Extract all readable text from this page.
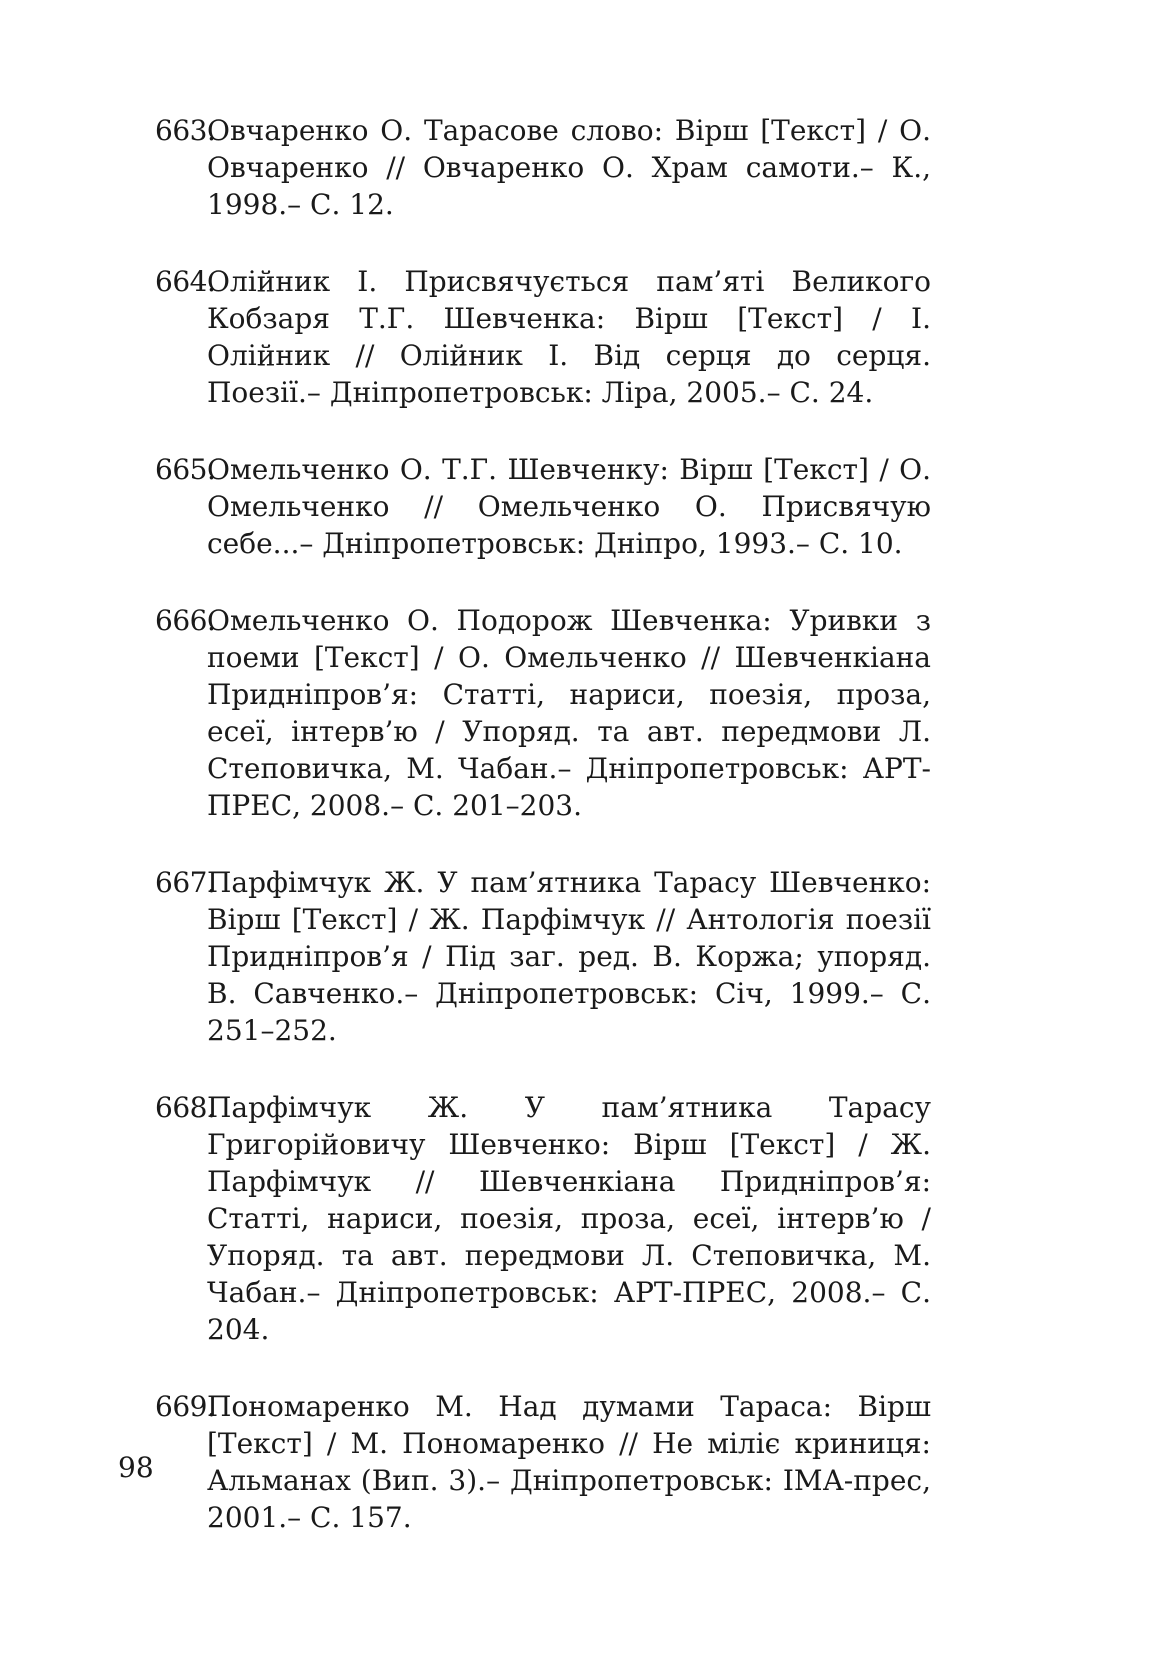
663.
Овчаренко О. Тарасове слово: Вірш [Текст] / О. Овчаренко // Овчаренко О. Храм самоти.– К., 1998.– С. 12.
664.
Олійник І. Присвячується пам’яті Великого Кобзаря Т.Г. Шевченка: Вірш [Текст] / І. Олійник // Олійник І. Від серця до серця. Поезії.– Дніпропетровськ: Ліра, 2005.– С. 24.
665.
Омельченко О. Т.Г. Шевченку: Вірш [Текст] / О. Омельченко // Омельченко О. Присвячую себе...– Дніпропетровськ: Дніпро, 1993.– С. 10.
666.
Омельченко О. Подорож Шевченка: Уривки з поеми [Текст] / О. Омельченко // Шевченкіана Придніпров’я: Статті, нариси, поезія, проза, есеї, інтерв’ю / Упоряд. та авт. передмови Л. Степовичка, М. Чабан.– Дніпропетровськ: АРТ-ПРЕС, 2008.– С. 201–203.
667.
Парфімчук Ж. У пам’ятника Тарасу Шевченко: Вірш [Текст] / Ж. Парфімчук // Антологія поезії Придніпров’я / Під заг. ред. В. Коржа; упоряд. В. Савченко.– Дніпропетровськ: Січ, 1999.– С. 251–252.
668.
Парфімчук Ж. У пам’ятника Тарасу Григорійовичу Шевченко: Вірш [Текст] / Ж. Парфімчук // Шевченкіана Придніпров’я: Статті, нариси, поезія, проза, есеї, інтерв’ю / Упоряд. та авт. передмови Л. Степовичка, М. Чабан.– Дніпропетровськ: АРТ-ПРЕС, 2008.– С. 204.
669.
Пономаренко М. Над думами Тараса: Вірш [Текст] / М. Пономаренко // Не міліє криниця: Альманах (Вип. 3).– Дніпропетровськ: ІМА-прес, 2001.– С. 157.
98
